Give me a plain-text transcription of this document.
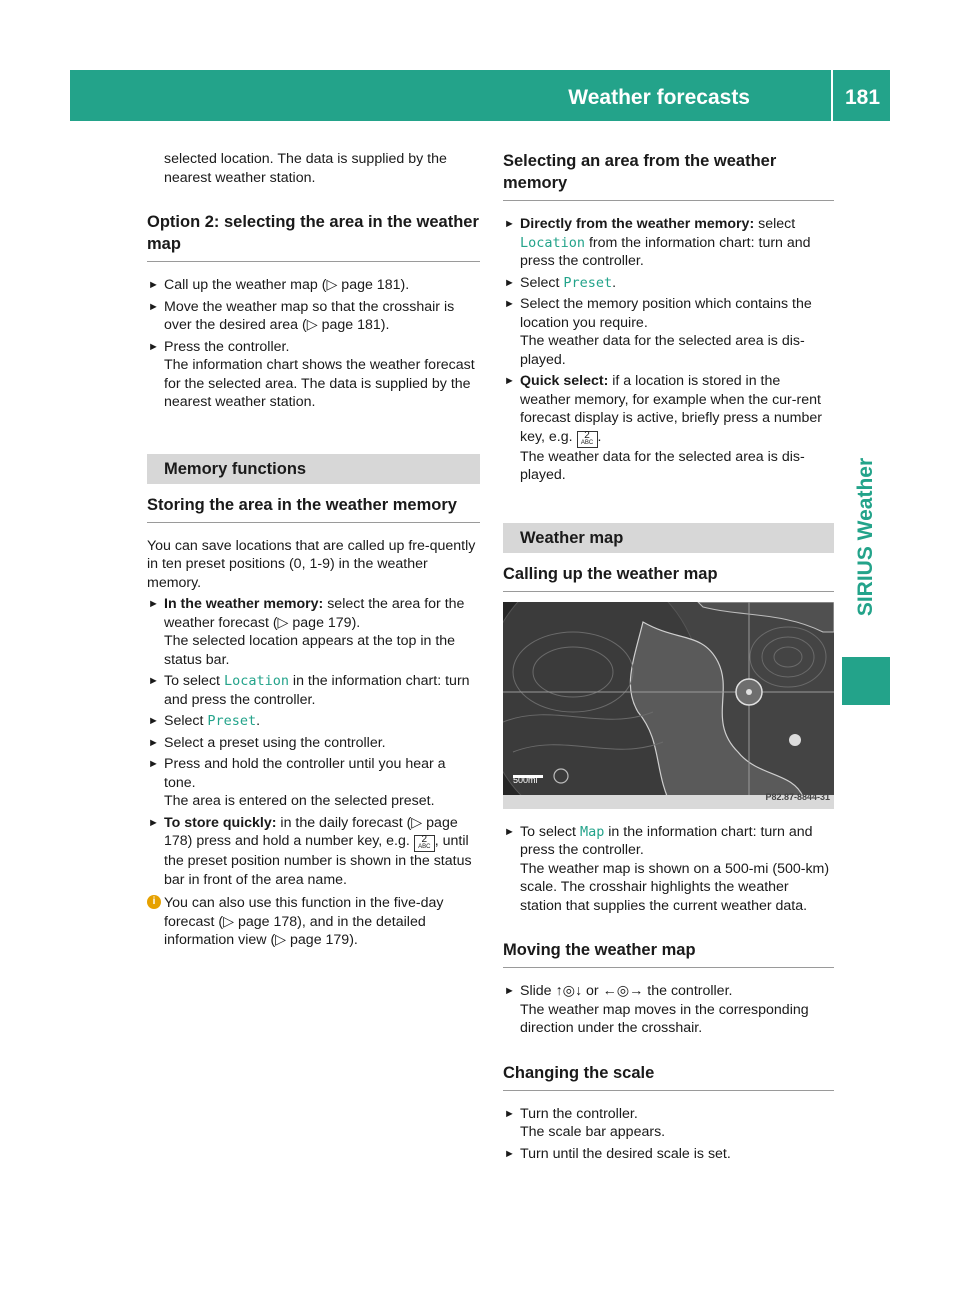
Weather forecasts	181
SIRIUS Weather

selected location. The data is supplied by the nearest weather station.

Option 2: selecting the area in the weather map
► Call up the weather map (▷ page 181).
► Move the weather map so that the crosshair is over the desired area (▷ page 181).
► Press the controller.

The information chart shows the weather forecast for the selected area. The data is supplied by the nearest weather station.

Memory functions
Storing the area in the weather memory

You can save locations that are called up fre-quently in ten preset positions (0, 1-9) in the weather memory.

► In the weather memory: select the area for the weather forecast (▷ page 179).

The selected location appears at the top in the status bar.

► To select Location in the information chart: turn and press the controller.
► Select Preset.
► Select a preset using the controller.
► Press and hold the controller until you hear a tone.

The area is entered on the selected preset.

► To store quickly: in the daily forecast (▷ page 178) press and hold a number key, e.g. 2
ABC , until the preset position number is shown in the status bar in front of the area name.
i You can also use this function in the five-day forecast (▷ page 178), and in the detailed information view (▷ page 179).
Selecting an area from the weather memory
► Directly from the weather memory: select
Location from the information chart: turn and press the controller.
► Select Preset.
► Select the memory position which contains the location you require.

The weather data for the selected area is dis-played.

► Quick select: if a location is stored in the weather memory, for example when the cur-rent forecast display is active, briefly press a number key, e.g. 2
ABC .

The weather data for the selected area is dis-played.

Weather map
Calling up the weather map
500mi
P82.87-8844-31
► To select Map in the information chart: turn and press the controller.

The weather map is shown on a 500-mi (500-km) scale. The crosshair highlights the weather station that supplies the current weather data.

Moving the weather map
► Slide ↑◎↓ or ←◎→ the controller.

The weather map moves in the corresponding direction under the crosshair.

Changing the scale
► Turn the controller.

The scale bar appears.

► Turn until the desired scale is set.
